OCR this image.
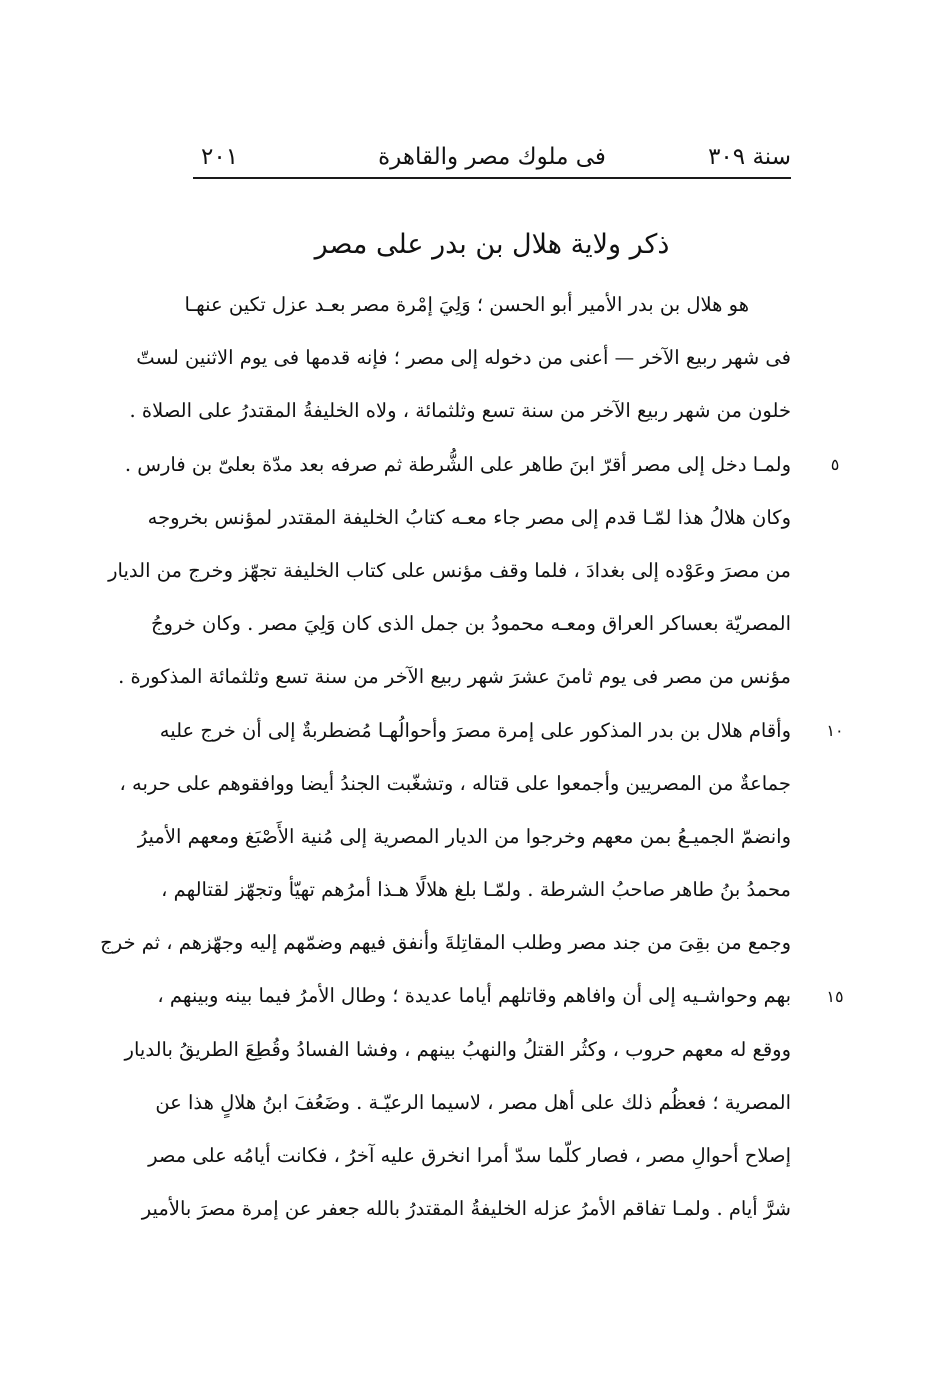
سنة ٣٠٩
فى ملوك مصر والقاهرة
٢٠١
ذكر ولاية هلال بن بدر على مصر
هو هلال بن بدر الأمير أبو الحسن ؛ وَلِيَ إمْرة مصر بعـد عزل تكين عنهـا
فى شهر ربيع الآخر — أعنى من دخوله إلى مصر ؛ فإنه قدمها فى يوم الاثنين لستّ
خلون من شهر ربيع الآخر من سنة تسع وثلثمائة ، ولاه الخليفةُ المقتدرُ على الصلاة .
ولمـا دخل إلى مصر أقرّ ابنَ طاهر على الشُّرطة ثم صرفه بعد مدّة بعلىّ بن فارس .
وكان هلالُ هذا لمّـا قدم إلى مصر جاء معـه كتابُ الخليفة المقتدر لمؤنس بخروجه
من مصرَ وعَوْده إلى بغدادَ ، فلما وقف مؤنس على كتاب الخليفة تجهّز وخرج من الديار
المصريّة بعساكر العراق ومعـه محمودُ بن جمل الذى كان وَلِيَ مصر . وكان خروجُ
مؤنس من مصر فى يوم ثامنَ عشرَ شهر ربيع الآخر من سنة تسع وثلثمائة المذكورة .
وأقام هلال بن بدر المذكور على إمرة مصرَ وأحوالُهـا مُضطربةٌ إلى أن خرج عليه
جماعةٌ من المصريين وأجمعوا على قتاله ، وتشغّبت الجندُ أيضا ووافقوهم على حربه ،
وانضمّ الجميـعُ بمن معهم وخرجوا من الديار المصرية إلى مُنية الأَصْبَغ ومعهم الأميرُ
محمدُ بنُ طاهر صاحبُ الشرطة . ولمّـا بلغ هلالًا هـذا أمرُهم تهيّأ وتجهّز لقتالهم ،
وجمع من بقِىَ من جند مصر وطلب المقاتِلةَ وأنفق فيهم وضمّهم إليه وجهّزهم ، ثم خرج
بهم وحواشـيه إلى أن وافاهم وقاتلهم أياما عديدة ؛ وطال الأمرُ فيما بينه وبينهم ،
ووقع له معهم حروب ، وكثُر القتلُ والنهبُ بينهم ، وفشا الفسادُ وقُطِعَ الطريقُ بالديار
المصرية ؛ فعظُم ذلك على أهل مصر ، لاسيما الرعيّـة . وضَعُفَ ابنُ هلالٍ هذا عن
إصلاح أحوالِ مصر ، فصار كلّما سدّ أمرا انخرق عليه آخرُ ، فكانت أيامُه على مصر
شرَّ أيام . ولمـا تفاقم الأمرُ عزله الخليفةُ المقتدرُ بالله جعفر عن إمرة مصرَ بالأمير
٥
١٠
١٥
